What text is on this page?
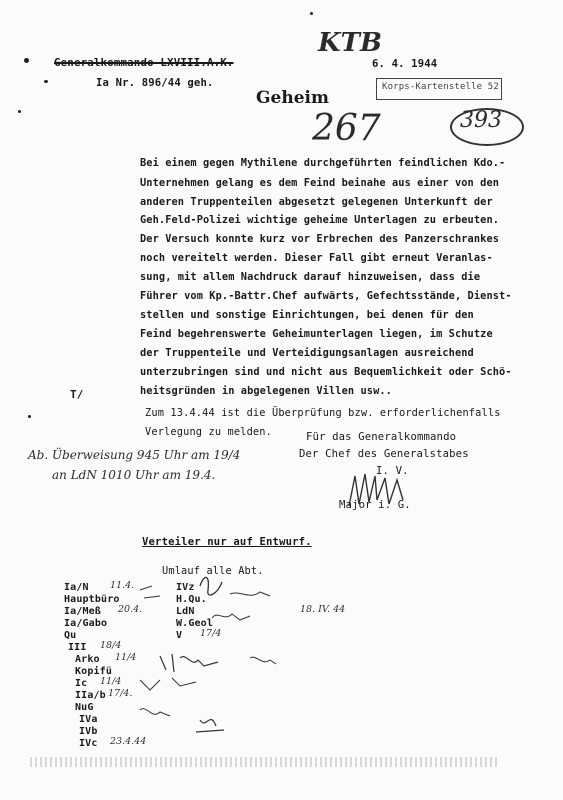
Generalkommando LXVIII.A.K.
Ia Nr. 896/44 geh.
6. 4. 1944
KTB
Korps-Kartenstelle 52
Geheim
267	393
Bei einem gegen Mythilene durchgeführten feindlichen Kdo.-
Unternehmen gelang es dem Feind beinahe aus einer von den
anderen Truppenteilen abgesetzt gelegenen Unterkunft der
Geh.Feld-Polizei wichtige geheime Unterlagen zu erbeuten.
Der Versuch konnte kurz vor Erbrechen des Panzerschrankes
noch vereitelt werden. Dieser Fall gibt erneut Veranlas-
sung, mit allem Nachdruck darauf hinzuweisen, dass die
Führer vom Kp.-Battr.Chef aufwärts, Gefechtsstände, Dienst-
stellen und sonstige Einrichtungen, bei denen für den
Feind begehrenswerte Geheimunterlagen liegen, im Schutze
der Truppenteile und Verteidigungsanlagen ausreichend
unterzubringen sind und nicht aus Bequemlichkeit oder Schö-
heitsgründen in abgelegenen Villen usw..
T/
Zum 13.4.44 ist die Überprüfung bzw. erforderlichenfalls
Verlegung zu melden.
Ab. Überweisung 945 Uhr am 19/4
an LdN 1010 Uhr am 19.4.
Für das Generalkommando
Der Chef des Generalstabes
I. V.
Major i. G.
Verteiler nur auf Entwurf.
Umlauf alle Abt.
Ia/N
Hauptbüro
Ia/Meß
Ia/Gabo
Qu
III
Arko
Kopifü
Ic
IIa/b
NuG
IVa
IVb
IVc
IVz
H.Qu.
LdN
W.Geol
V
11.4.
20.4.
18/4
11/4
11/4
17/4.
23.4.44
18. IV. 44
17/4
